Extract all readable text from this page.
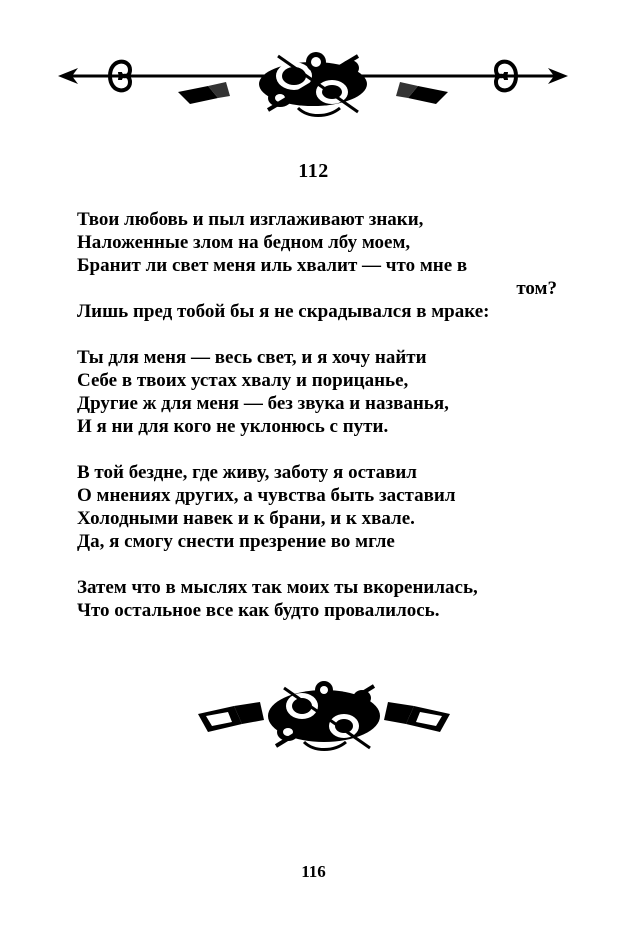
112
Твои любовь и пыл изглаживают знаки,
Наложенные злом на бедном лбу моем,
Бранит ли свет меня иль хвалит — что мне в
том?
Лишь пред тобой бы я не скрадывался в мраке:
Ты для меня — весь свет, и я хочу найти
Себе в твоих устах хвалу и порицанье,
Другие ж для меня — без звука и названья,
И я ни для кого не уклонюсь с пути.
В той бездне, где живу, заботу я оставил
О мнениях других, а чувства быть заставил
Холодными навек и к брани, и к хвале.
Да, я смогу снести презрение во мгле
Затем что в мыслях так моих ты вкоренилась,
Что остальное все как будто провалилось.
116
